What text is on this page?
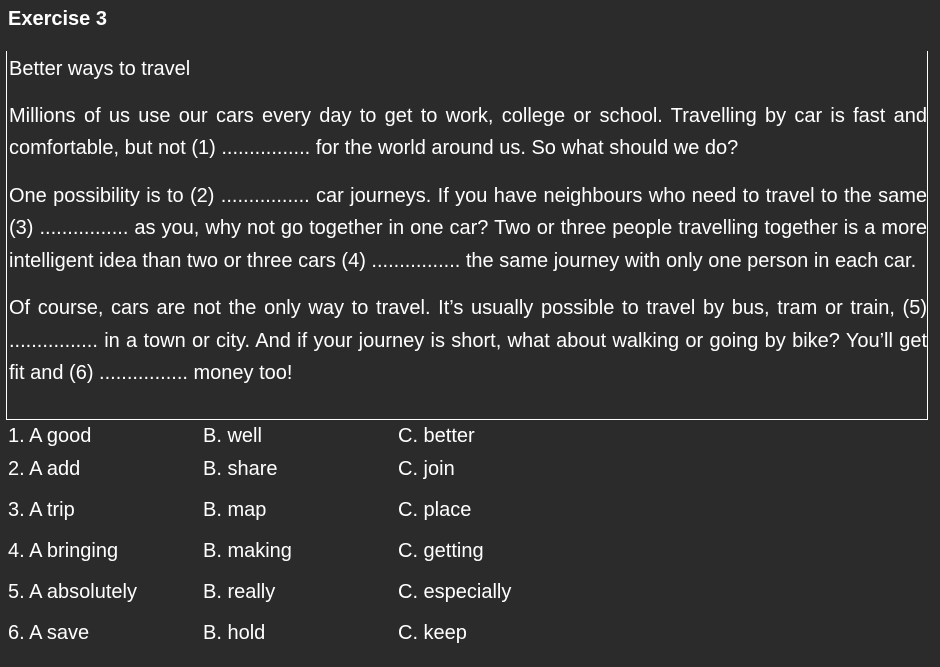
Exercise 3

Better ways to travel

Millions of us use our cars every day to get to work, college or school. Travelling by car is fast and comfortable, but not (1) ................ for the world around us. So what should we do?

One possibility is to (2) ................ car journeys. If you have neighbours who need to travel to the same (3) ................ as you, why not go together in one car? Two or three people travelling together is a more intelligent idea than two or three cars (4) ................ the same journey with only one person in each car.

Of course, cars are not the only way to travel. It’s usually possible to travel by bus, tram or train, (5) ................ in a town or city. And if your journey is short, what about walking or going by bike? You’ll get fit and (6) ................ money too!

1. A good	B. well	C. better
2. A add	B. share	C. join
3. A trip	B. map	C. place
4. A bringing	B. making	C. getting
5. A absolutely	B. really	C. especially
6. A save	B. hold	C. keep
